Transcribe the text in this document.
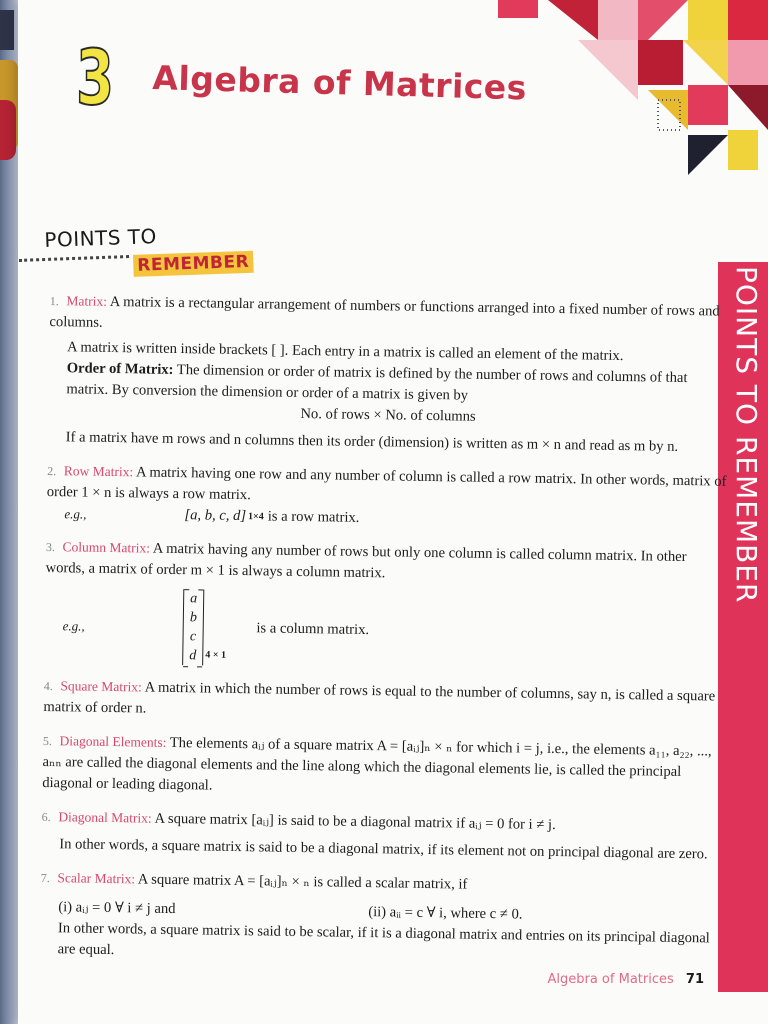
3 Algebra of Matrices
POINTS TO
REMEMBER
POINTS TO REMEMBER

1. Matrix: A matrix is a rectangular arrangement of numbers or functions arranged into a fixed number of rows and columns.

A matrix is written inside brackets [ ]. Each entry in a matrix is called an element of the matrix.

Order of Matrix: The dimension or order of matrix is defined by the number of rows and columns of that matrix. By conversion the dimension or order of a matrix is given by

No. of rows × No. of columns

If a matrix have m rows and n columns then its order (dimension) is written as m × n and read as m by n.

2. Row Matrix: A matrix having one row and any number of column is called a row matrix. In other words, matrix of order 1 × n is always a row matrix.

e.g.,	[a, b, c, d] 1×4 is a row matrix.

3. Column Matrix: A matrix having any number of rows but only one column is called column matrix. In other words, a matrix of order m × 1 is always a column matrix.

e.g.,
a
b
c
d 4 × 1
is a column matrix.

4. Square Matrix: A matrix in which the number of rows is equal to the number of columns, say n, is called a square matrix of order n.

5. Diagonal Elements: The elements aᵢⱼ of a square matrix A = [aᵢⱼ]ₙ × ₙ for which i = j, i.e., the elements a₁₁, a₂₂, ..., aₙₙ are called the diagonal elements and the line along which the diagonal elements lie, is called the principal diagonal or leading diagonal.

6. Diagonal Matrix: A square matrix [aᵢⱼ] is said to be a diagonal matrix if aᵢⱼ = 0 for i ≠ j.

In other words, a square matrix is said to be a diagonal matrix, if its element not on principal diagonal are zero.

7. Scalar Matrix: A square matrix A = [aᵢⱼ]ₙ × ₙ is called a scalar matrix, if

(i) aᵢⱼ = 0 ∀ i ≠ j and	(ii) aᵢᵢ = c ∀ i, where c ≠ 0.

In other words, a square matrix is said to be scalar, if it is a diagonal matrix and entries on its principal diagonal are equal.

Algebra of Matrices 71
